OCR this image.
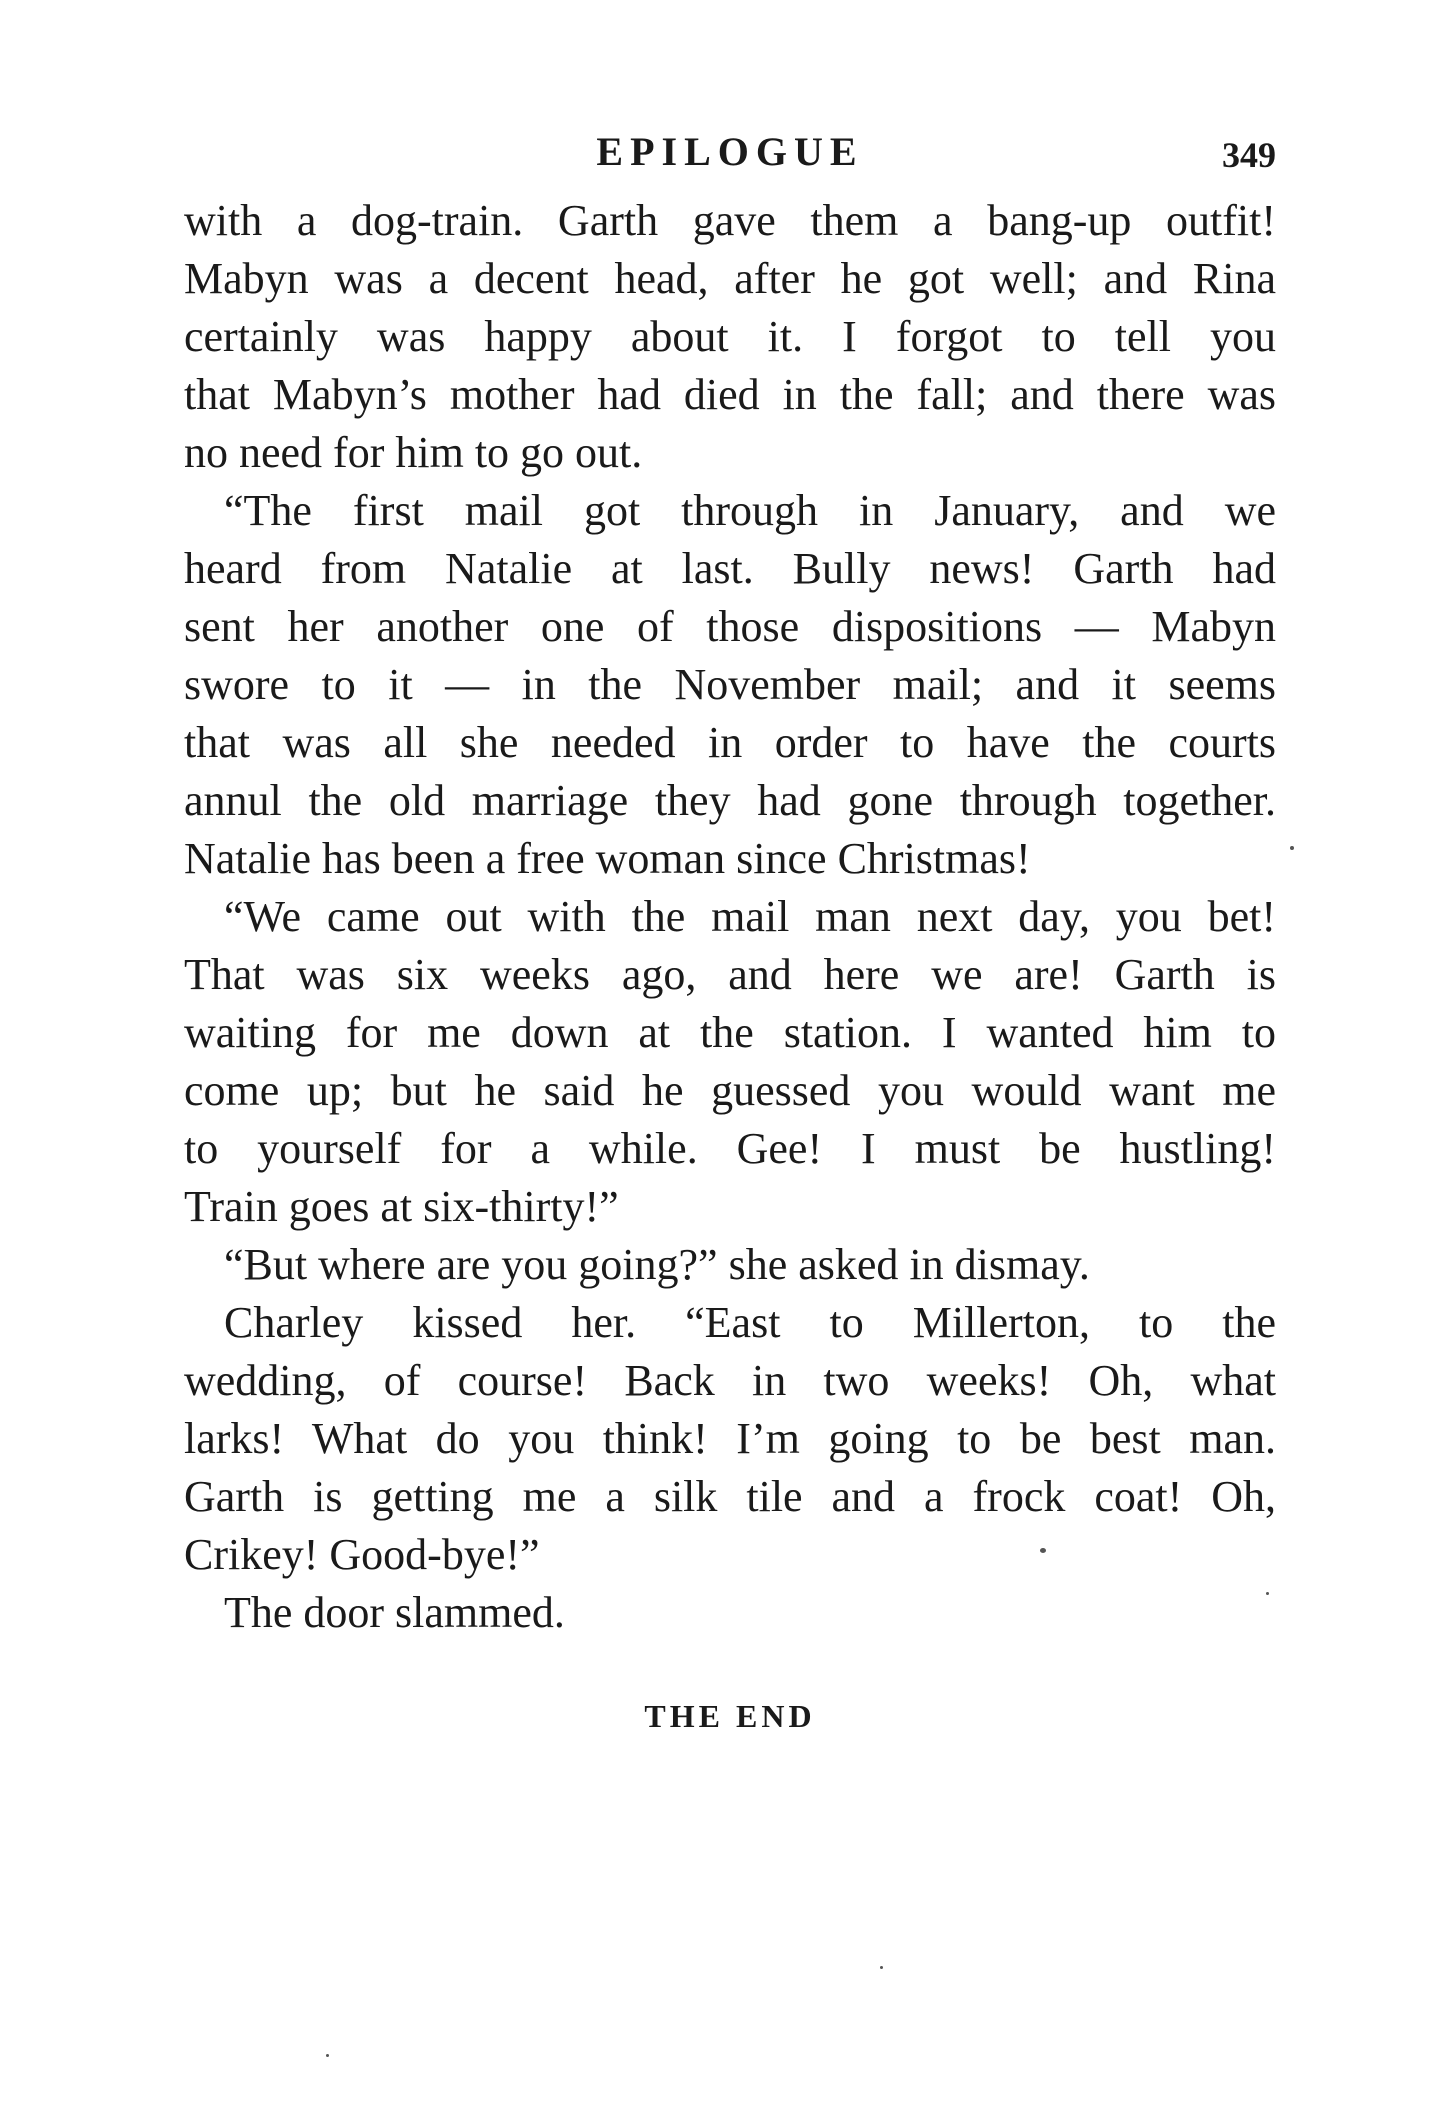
EPILOGUE	349
with a dog-train. Garth gave them a bang-up outfit!
Mabyn was a decent head, after he got well; and Rina
certainly was happy about it. I forgot to tell you
that Mabyn’s mother had died in the fall; and there was
no need for him to go out.
“The first mail got through in January, and we
heard from Natalie at last. Bully news! Garth had
sent her another one of those dispositions — Mabyn
swore to it — in the November mail; and it seems
that was all she needed in order to have the courts
annul the old marriage they had gone through together.
Natalie has been a free woman since Christmas!
“We came out with the mail man next day, you bet!
That was six weeks ago, and here we are! Garth is
waiting for me down at the station. I wanted him to
come up; but he said he guessed you would want me
to yourself for a while. Gee! I must be hustling!
Train goes at six-thirty!”
“But where are you going?” she asked in dismay.
Charley kissed her. “East to Millerton, to the
wedding, of course! Back in two weeks! Oh, what
larks! What do you think! I’m going to be best man.
Garth is getting me a silk tile and a frock coat! Oh,
Crikey! Good-bye!”
The door slammed.
THE END
